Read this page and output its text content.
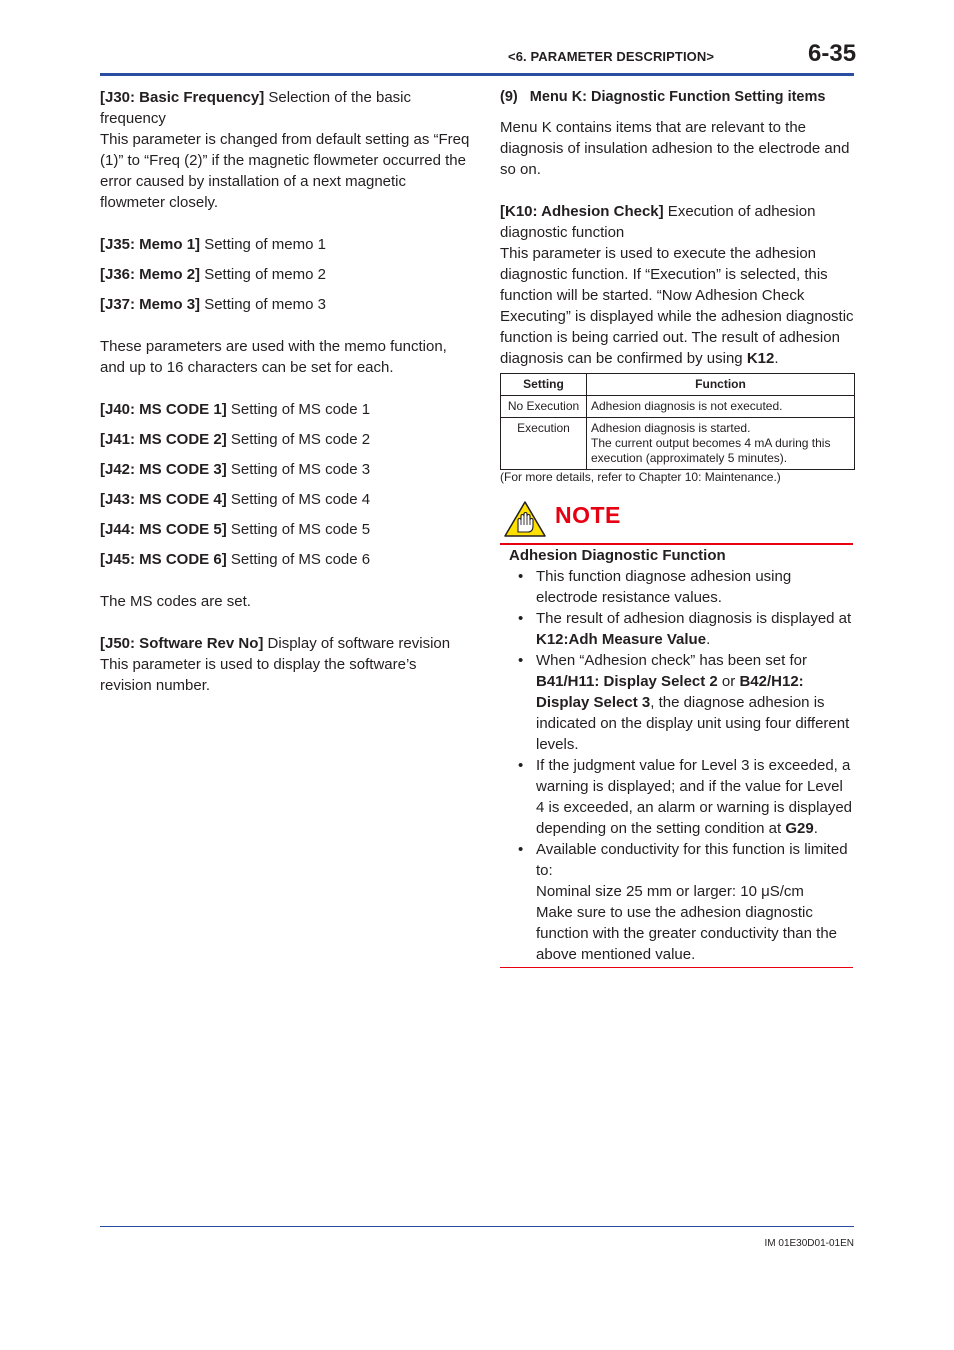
<6. PARAMETER DESCRIPTION>	6-35

[J30: Basic Frequency] Selection of the basic frequency

This parameter is changed from default setting as “Freq (1)” to “Freq (2)” if the magnetic flowmeter occurred the error caused by installation of a next magnetic flowmeter closely.

[J35: Memo 1] Setting of memo 1

[J36: Memo 2] Setting of memo 2

[J37: Memo 3] Setting of memo 3

These parameters are used with the memo function, and up to 16 characters can be set for each.

[J40: MS CODE 1] Setting of MS code 1

[J41: MS CODE 2] Setting of MS code 2

[J42: MS CODE 3] Setting of MS code 3

[J43: MS CODE 4] Setting of MS code 4

[J44: MS CODE 5] Setting of MS code 5

[J45: MS CODE 6] Setting of MS code 6

The MS codes are set.

[J50: Software Rev No] Display of software revision

This parameter is used to display the software’s revision number.

(9)   Menu K: Diagnostic Function Setting items

Menu K contains items that are relevant to the diagnosis of insulation adhesion to the electrode and so on.

[K10: Adhesion Check] Execution of adhesion diagnostic function

This parameter is used to execute the adhesion diagnostic function. If “Execution” is selected, this function will be started. “Now Adhesion Check Executing” is displayed while the adhesion diagnostic function is being carried out. The result of adhesion diagnosis can be confirmed by using K12.

Setting	Function
No Execution	Adhesion diagnosis is not executed.
Execution	Adhesion diagnosis is started.
The current output becomes 4 mA during this execution (approximately 5 minutes).

(For more details, refer to Chapter 10: Maintenance.)

NOTE

Adhesion Diagnostic Function

• This function diagnose adhesion using electrode resistance values.
• The result of adhesion diagnosis is displayed at K12:Adh Measure Value.
• When “Adhesion check” has been set for B41/H11: Display Select 2 or B42/H12: Display Select 3, the diagnose adhesion is indicated on the display unit using four different levels.
• If the judgment value for Level 3 is exceeded, a warning is displayed; and if the value for Level 4 is exceeded, an alarm or warning is displayed depending on the setting condition at G29.
• Available conductivity for this function is limited to:
Nominal size 25 mm or larger: 10 μS/cm
Make sure to use the adhesion diagnostic function with the greater conductivity than the above mentioned value.
IM 01E30D01-01EN
